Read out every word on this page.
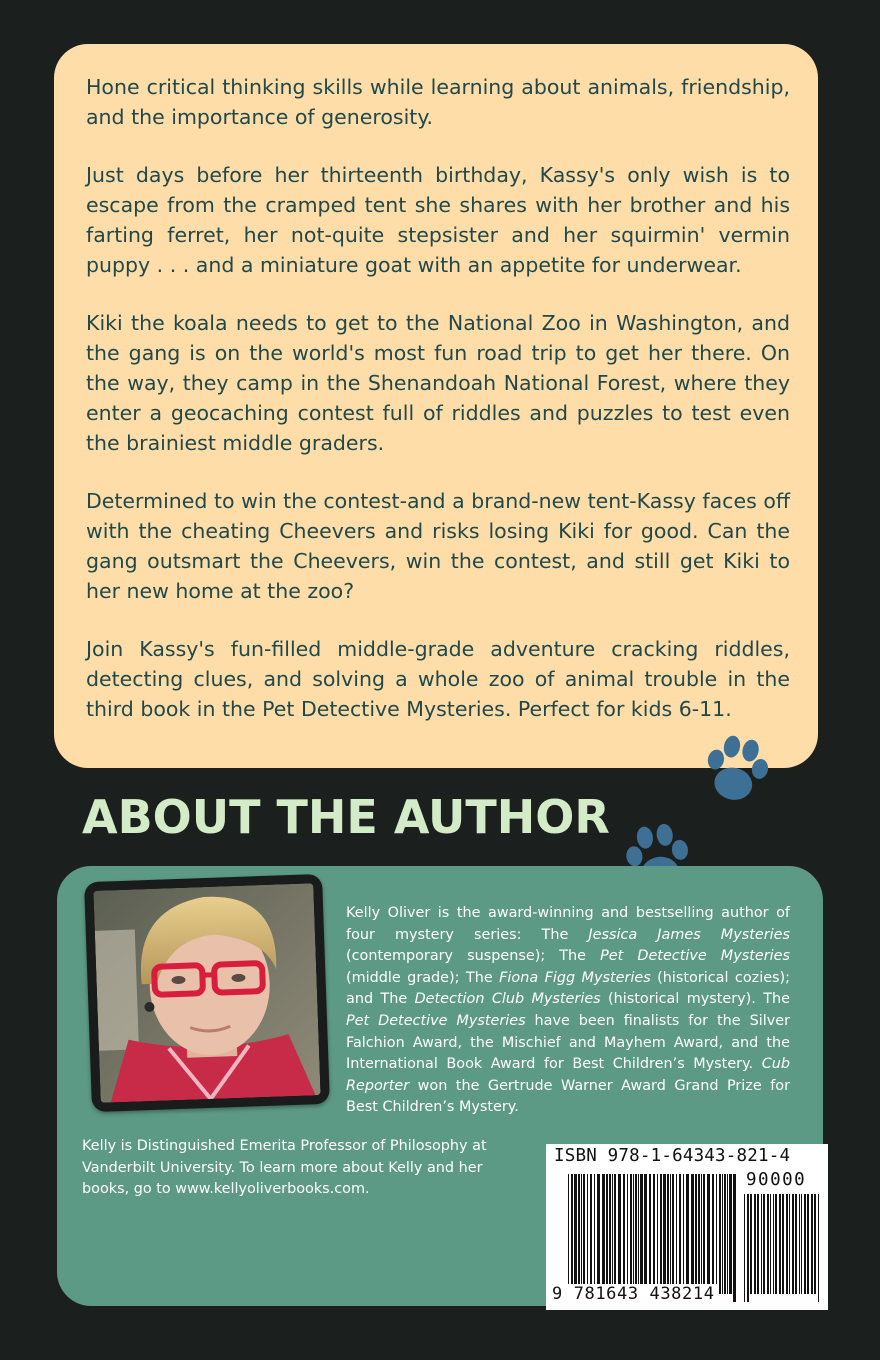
Hone critical thinking skills while learning about animals, friendship, and the importance of generosity.

Just days before her thirteenth birthday, Kassy's only wish is to escape from the cramped tent she shares with her brother and his farting ferret, her not-quite stepsister and her squirmin' vermin puppy . . . and a miniature goat with an appetite for underwear.

Kiki the koala needs to get to the National Zoo in Washington, and the gang is on the world's most fun road trip to get her there. On the way, they camp in the Shenandoah National Forest, where they enter a geocaching contest full of riddles and puzzles to test even the brainiest middle graders.

Determined to win the contest-and a brand-new tent-Kassy faces off with the cheating Cheevers and risks losing Kiki for good. Can the gang outsmart the Cheevers, win the contest, and still get Kiki to her new home at the zoo?

Join Kassy's fun-filled middle-grade adventure cracking riddles, detecting clues, and solving a whole zoo of animal trouble in the third book in the Pet Detective Mysteries. Perfect for kids 6-11.

ABOUT THE AUTHOR

Kelly Oliver is the award-winning and bestselling author of four mystery series: The Jessica James Mysteries (contemporary suspense); The Pet Detective Mysteries (middle grade); The Fiona Figg Mysteries (historical cozies); and The Detection Club Mysteries (historical mystery). The Pet Detective Mysteries have been finalists for the Silver Falchion Award, the Mischief and Mayhem Award, and the International Book Award for Best Children’s Mystery. Cub Reporter won the Gertrude Warner Award Grand Prize for Best Children’s Mystery.

Kelly is Distinguished Emerita Professor of Philosophy at Vanderbilt University. To learn more about Kelly and her books, go to www.kellyoliverbooks.com.
ISBN 978-1-64343-821-4
90000
9 781643 438214
